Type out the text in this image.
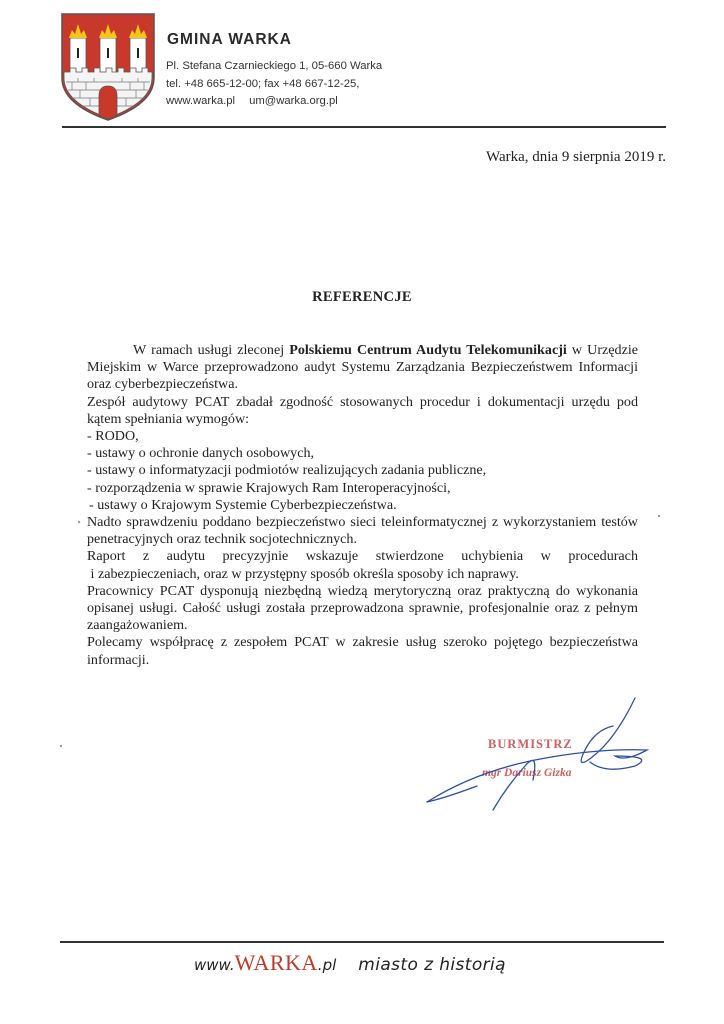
GMINA WARKA
Pl. Stefana Czarnieckiego 1, 05-660 Warka
tel. +48 665-12-00; fax +48 667-12-25,
www.warka.pl um@warka.org.pl
Warka, dnia 9 sierpnia 2019 r.
REFERENCJE

W ramach usługi zleconej Polskiemu Centrum Audytu Telekomunikacji w Urzędzie Miejskim w Warce przeprowadzono audyt Systemu Zarządzania Bezpieczeństwem Informacji oraz cyberbezpieczeństwa.

Zespół audytowy PCAT zbadał zgodność stosowanych procedur i dokumentacji urzędu pod kątem spełniania wymogów:

- RODO,
- ustawy o ochronie danych osobowych,
- ustawy o informatyzacji podmiotów realizujących zadania publiczne,
- rozporządzenia w sprawie Krajowych Ram Interoperacyjności,
- ustawy o Krajowym Systemie Cyberbezpieczeństwa.

Nadto sprawdzeniu poddano bezpieczeństwo sieci teleinformatycznej z wykorzystaniem testów penetracyjnych oraz technik socjotechnicznych.

Raport z audytu precyzyjnie wskazuje stwierdzone uchybienia w procedurach

i zabezpieczeniach, oraz w przystępny sposób określa sposoby ich naprawy.

Pracownicy PCAT dysponują niezbędną wiedzą merytoryczną oraz praktyczną do wykonania opisanej usługi. Całość usługi została przeprowadzona sprawnie, profesjonalnie oraz z pełnym zaangażowaniem.

Polecamy współpracę z zespołem PCAT w zakresie usług szeroko pojętego bezpieczeństwa informacji.

BURMISTRZ
mgr Dariusz Gizka
www.WARKA.pl miasto z historią
